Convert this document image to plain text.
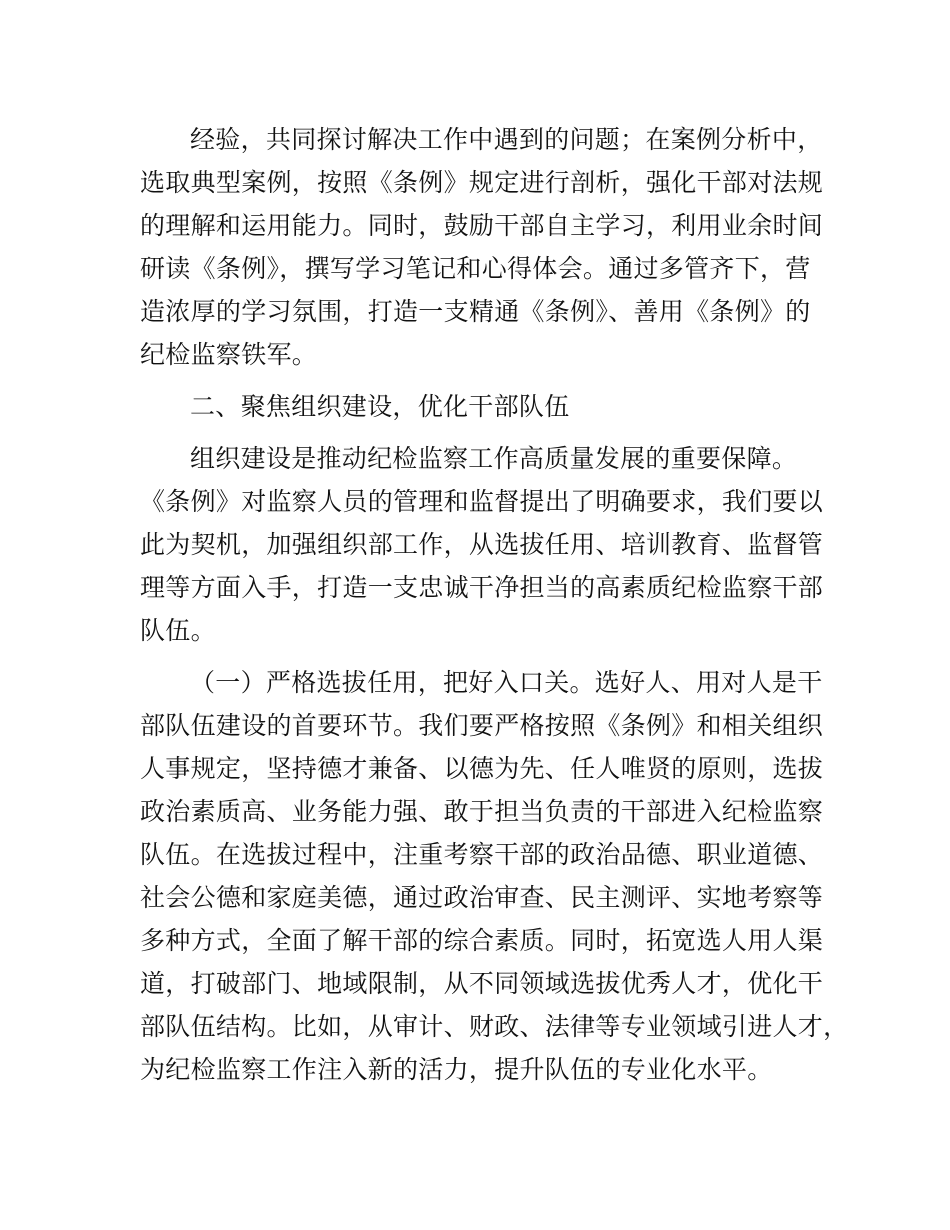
经验，共同探讨解决工作中遇到的问题；在案例分析中，
选取典型案例，按照《条例》规定进行剖析，强化干部对法规
的理解和运用能力。同时，鼓励干部自主学习，利用业余时间
研读《条例》，撰写学习笔记和心得体会。通过多管齐下，营
造浓厚的学习氛围，打造一支精通《条例》、善用《条例》的
纪检监察铁军。
二、聚焦组织建设，优化干部队伍
组织建设是推动纪检监察工作高质量发展的重要保障。
《条例》对监察人员的管理和监督提出了明确要求，我们要以
此为契机，加强组织部工作，从选拔任用、培训教育、监督管
理等方面入手，打造一支忠诚干净担当的高素质纪检监察干部
队伍。
（一）严格选拔任用，把好入口关。选好人、用对人是干
部队伍建设的首要环节。我们要严格按照《条例》和相关组织
人事规定，坚持德才兼备、以德为先、任人唯贤的原则，选拔
政治素质高、业务能力强、敢于担当负责的干部进入纪检监察
队伍。在选拔过程中，注重考察干部的政治品德、职业道德、
社会公德和家庭美德，通过政治审查、民主测评、实地考察等
多种方式，全面了解干部的综合素质。同时，拓宽选人用人渠
道，打破部门、地域限制，从不同领域选拔优秀人才，优化干
部队伍结构。比如，从审计、财政、法律等专业领域引进人才，
为纪检监察工作注入新的活力，提升队伍的专业化水平。
